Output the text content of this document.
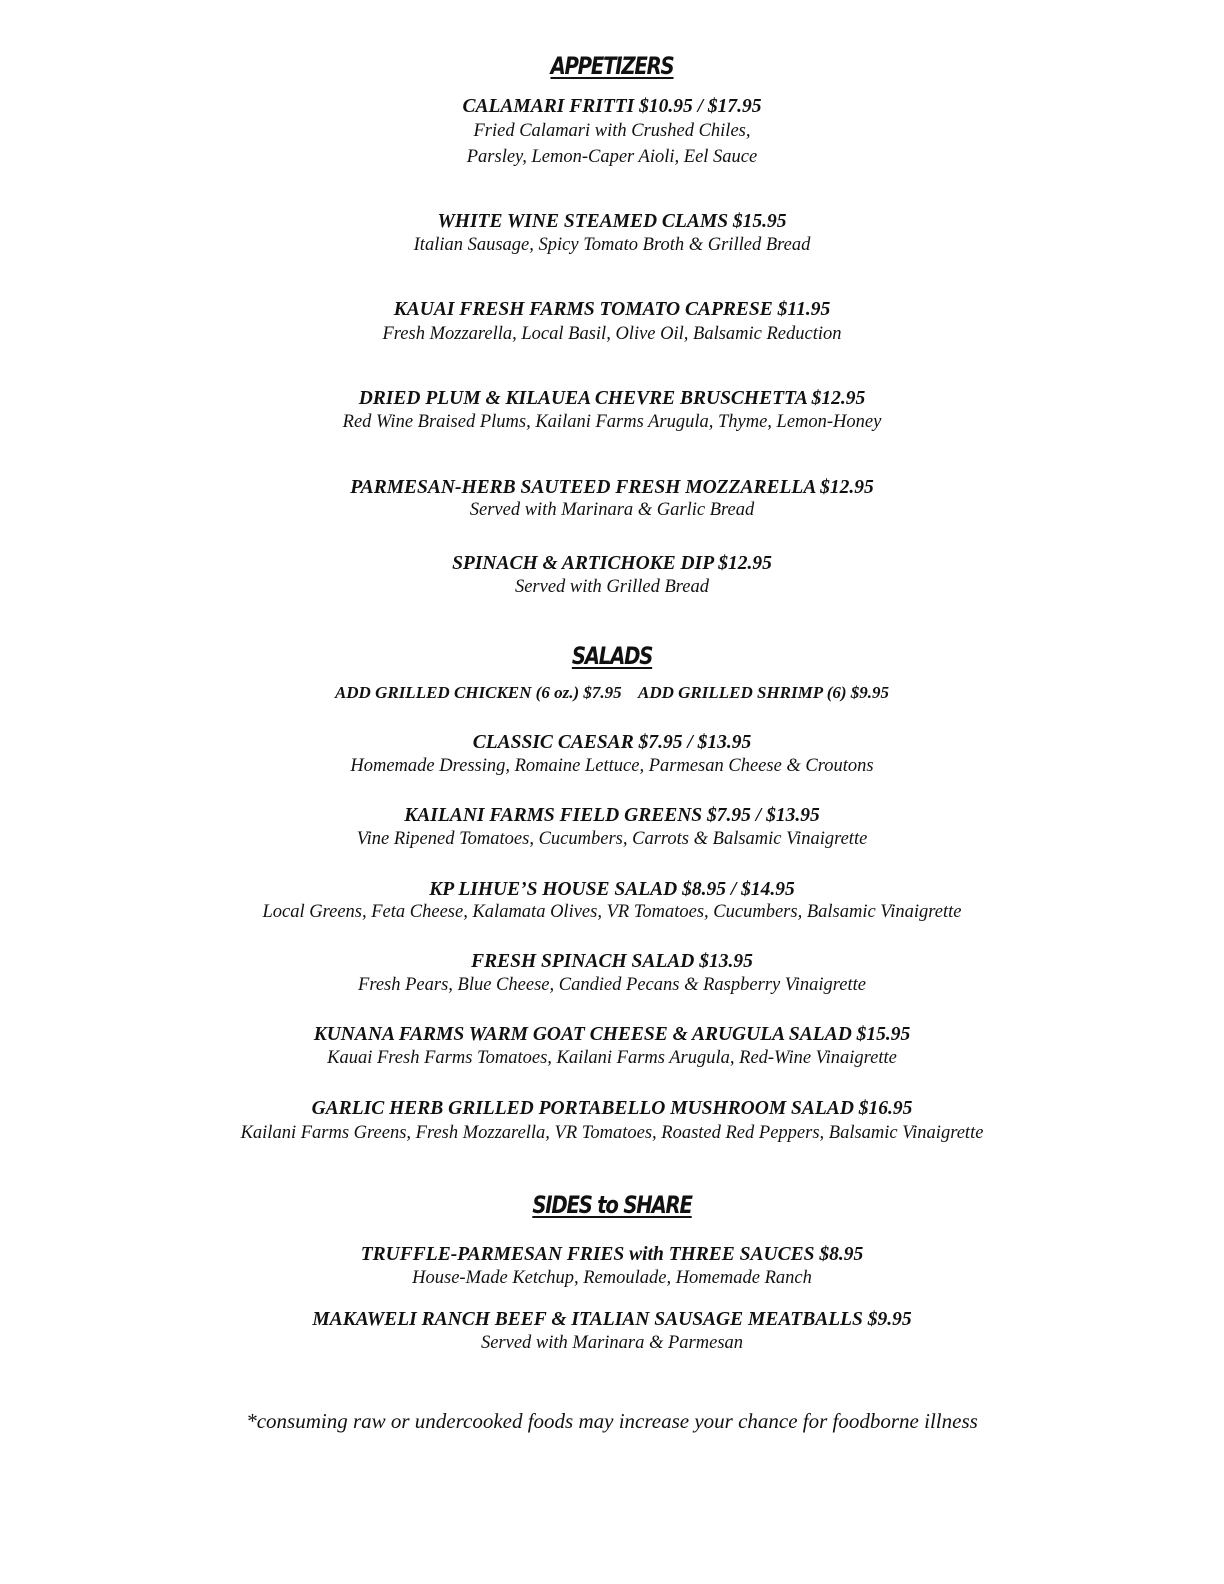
APPETIZERS
CALAMARI FRITTI $10.95 / $17.95
Fried Calamari with Crushed Chiles,
Parsley, Lemon-Caper Aioli, Eel Sauce
WHITE WINE STEAMED CLAMS $15.95
Italian Sausage, Spicy Tomato Broth & Grilled Bread
KAUAI FRESH FARMS TOMATO CAPRESE $11.95
Fresh Mozzarella, Local Basil, Olive Oil, Balsamic Reduction
DRIED PLUM & KILAUEA CHEVRE BRUSCHETTA $12.95
Red Wine Braised Plums, Kailani Farms Arugula, Thyme, Lemon-Honey
PARMESAN-HERB SAUTEED FRESH MOZZARELLA $12.95
Served with Marinara & Garlic Bread
SPINACH & ARTICHOKE DIP $12.95
Served with Grilled Bread
SALADS
ADD GRILLED CHICKEN (6 oz.) $7.95    ADD GRILLED SHRIMP (6) $9.95
CLASSIC CAESAR $7.95 / $13.95
Homemade Dressing, Romaine Lettuce, Parmesan Cheese & Croutons
KAILANI FARMS FIELD GREENS $7.95 / $13.95
Vine Ripened Tomatoes, Cucumbers, Carrots & Balsamic Vinaigrette
KP LIHUE’S HOUSE SALAD $8.95 / $14.95
Local Greens, Feta Cheese, Kalamata Olives, VR Tomatoes, Cucumbers, Balsamic Vinaigrette
FRESH SPINACH SALAD $13.95
Fresh Pears, Blue Cheese, Candied Pecans & Raspberry Vinaigrette
KUNANA FARMS WARM GOAT CHEESE & ARUGULA SALAD $15.95
Kauai Fresh Farms Tomatoes, Kailani Farms Arugula, Red-Wine Vinaigrette
GARLIC HERB GRILLED PORTABELLO MUSHROOM SALAD $16.95
Kailani Farms Greens, Fresh Mozzarella, VR Tomatoes, Roasted Red Peppers, Balsamic Vinaigrette
SIDES to SHARE
TRUFFLE-PARMESAN FRIES with THREE SAUCES $8.95
House-Made Ketchup, Remoulade, Homemade Ranch
MAKAWELI RANCH BEEF & ITALIAN SAUSAGE MEATBALLS $9.95
Served with Marinara & Parmesan
*consuming raw or undercooked foods may increase your chance for foodborne illness
